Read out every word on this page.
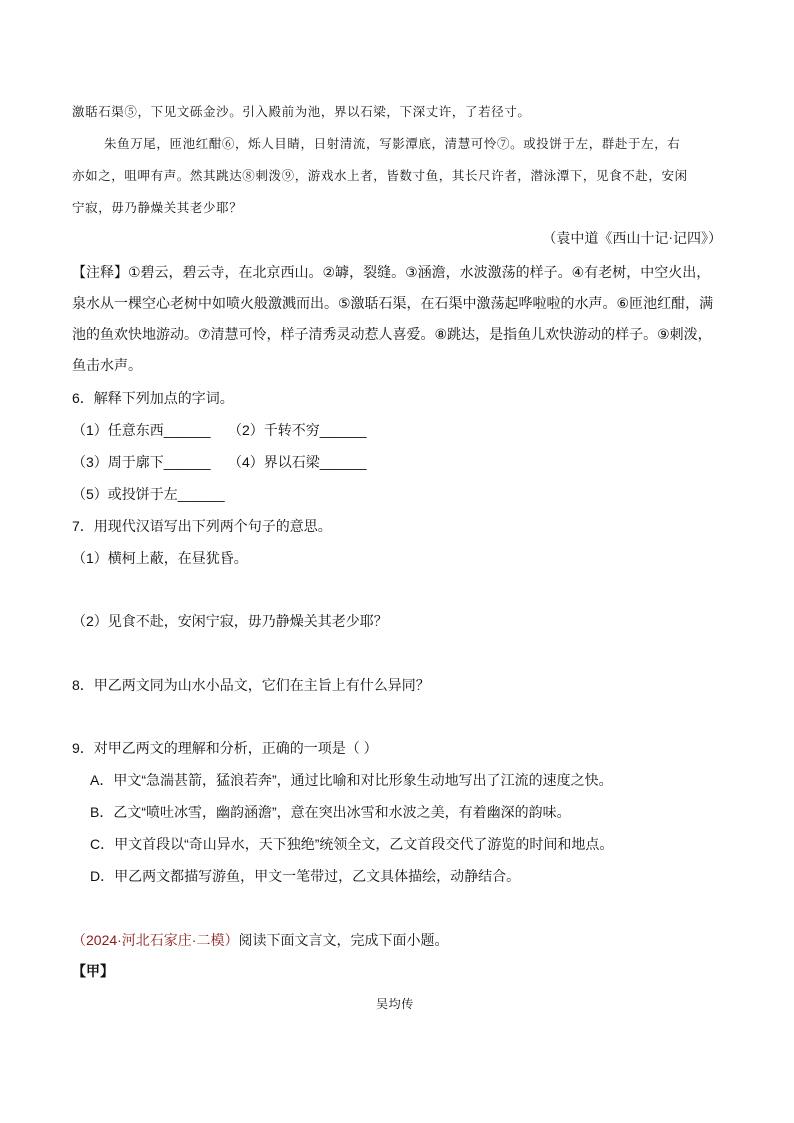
激聒石渠⑤，下见文砾金沙。引入殿前为池，界以石梁，下深丈许，了若径寸。
朱鱼万尾，匝池红酣⑥，烁人目睛，日射清流，写影潭底，清慧可怜⑦。或投饼于左，群赴于左，右
亦如之，咀呷有声。然其跳达⑧刺泼⑨，游戏水上者，皆数寸鱼，其长尺许者，潜泳潭下，见食不赴，安闲
宁寂，毋乃静燥关其老少耶？
（袁中道《西山十记·记四》）
【注释】①碧云，碧云寺，在北京西山。②罅，裂缝。③涵澹，水波激荡的样子。④有老树，中空火出，
泉水从一棵空心老树中如喷火般激溅而出。⑤激聒石渠，在石渠中激荡起哗啦啦的水声。⑥匝池红酣，满
池的鱼欢快地游动。⑦清慧可怜，样子清秀灵动惹人喜爱。⑧跳达，是指鱼儿欢快游动的样子。⑨刺泼，
鱼击水声。
6．解释下列加点的字词。
（1）任意东西______ （2）千转不穷______
（3）周于廓下______ （4）界以石梁______
（5）或投饼于左______
7．用现代汉语写出下列两个句子的意思。
（1）横柯上蔽，在昼犹昏。
（2）见食不赴，安闲宁寂，毋乃静燥关其老少耶？
8．甲乙两文同为山水小品文，它们在主旨上有什么异同？
9．对甲乙两文的理解和分析，正确的一项是（ ）
A．甲文“急湍甚箭，猛浪若奔”，通过比喻和对比形象生动地写出了江流的速度之快。
B．乙文“喷吐冰雪，幽韵涵澹”，意在突出冰雪和水波之美，有着幽深的韵味。
C．甲文首段以“奇山异水，天下独绝”统领全文，乙文首段交代了游览的时间和地点。
D．甲乙两文都描写游鱼，甲文一笔带过，乙文具体描绘，动静结合。
（2024·河北石家庄·二模）阅读下面文言文，完成下面小题。
【甲】
吴均传
